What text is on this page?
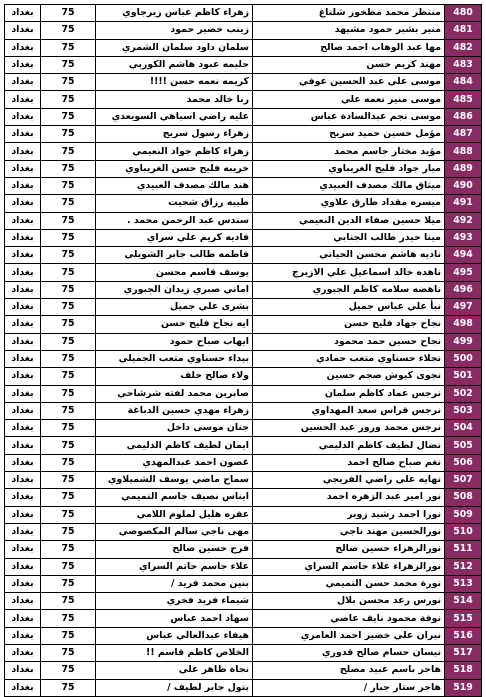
480	منتظر محمد مظخور شلتاغ	زهراء كاظم عباس زيرجاوي	75	بغداد
481	منير بشير حمود مشيهد	زينب خضير حمود	75	بغداد
482	مها عبد الوهاب احمد صالح	سلمان داود سلمان الشمري	75	بغداد
483	مهند كريم حسن	حليمه عبود هاشم الكوربي	75	بغداد
484	موسى علي عبد الحسين عوفي	كريمه نعمه حسن !!!!	75	بغداد
485	موسى منير نعمه علي	رنا خالد محمد	75	بغداد
486	موسى نجم عبدالسادة عباس	عليه راضي اسباهي السويعدي	75	بغداد
487	مؤمل حسين حميد سريح	زهراء رسول سريح	75	بغداد
488	مؤيد مختار جاسم محمد	زهراء كاظم جواد النعيمي	75	بغداد
489	ميار جواد فليح الغريباوي	خريبه فليح حسن الغريباوي	75	بغداد
490	ميثاق مالك مصدف العبيدي	هند مالك مصدف العبيدي	75	بغداد
491	ميسره مقداد طارق علاوي	طيبه رزاق شحيت	75	بغداد
492	ميلا حسين صفاء الدين النعيمي	سندس عبد الرحمن محمد .	75	بغداد
493	مينا حيدر طالب الجنابي	فاديه كريم علي سراي	75	بغداد
494	ناديه هاشم محسن الحياني	فاطمه طالب جابر الشويلي	75	بغداد
495	ناهده خالد اسماعيل علي الازيرج	يوسف قاسم محسن	75	بغداد
496	ناهضه سلامه كاظم الجبوري	اماني صبري زيدان الجبوري	75	بغداد
497	نبأ علي عباس جميل	بشرى علي جميل	75	بغداد
498	نجاح جهاد فليح حسن	ايه نجاح فليح حسن	75	بغداد
499	نجاح حسين حمد محمود	ايهاب صباح حمود	75	بغداد
500	نجلاء حسناوي متعب حمادي	بيداء حسناوي متعب الجميلي	75	بغداد
501	نجوى كيوش صجم حسين	ولاء صالح خلف	75	بغداد
502	نرجس عماد كاظم سلمان	صابرين محمد لفته شرشاحي	75	بغداد
503	نرجس قراس سعد المهداوي	زهراء مهدي حسين الدباغة	75	بغداد
504	نرجس محمد ورور عبد الحسين	جنان موسى داخل	75	بغداد
505	نضال لطيف كاظم الدليمي	ايمان لطيف كاظم الدليمي	75	بغداد
506	نغم صباح صالح احمد	غصون احمد عبدالمهدي	75	بغداد
507	نهايه علي راضي الفريجي	سماح ماضي يوسف الشميلاوي	75	بغداد
508	نور امير عبد الزهره احمد	ايناس نصيف جاسم التميمي	75	بغداد
509	نورا احمد رشيد زوير	عفره هليل لملوم اللامي	75	بغداد
510	نورالحسين مهند ناجي	مهى ناجي سالم المكصوصي	75	بغداد
511	نورالزهراء حسين صالح	فرح حسين صالح	75	بغداد
512	نورالزهراء علاء جاسم السراي	علاء جاسم حاتم السراي	75	بغداد
513	نورة محمد حسن التميمي	بنين محمد فريد /	75	بغداد
514	نورس رعد محسن بلال	شيماء فريد فخري	75	بغداد
515	نوفة محمود نايف عاصي	سهاد احمد عباس	75	بغداد
516	نيران علي خضير احمد العامري	هيفاء عبدالعالي عباس	75	بغداد
517	نيسان حسام صالح قدوري	الخلاص كاظم قاسم !!	75	بغداد
518	هاجر باسم عبيد مصلح	نجاة ظاهر علي	75	بغداد
519	هاجر ستار جبار /	بتول جابر لطيف /	75	بغداد
